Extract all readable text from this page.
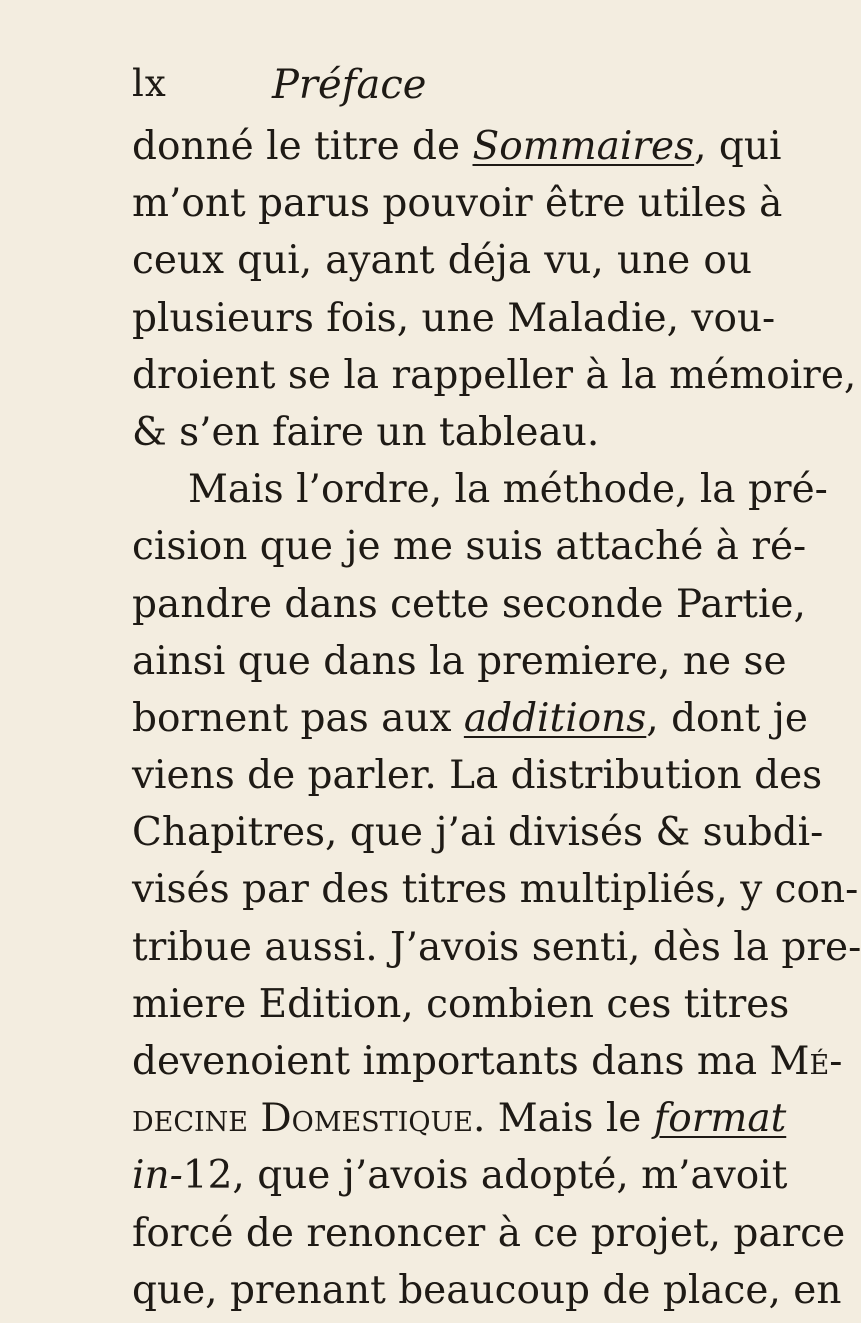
lx	Préface
donné le titre de Sommaires, qui
m’ont parus pouvoir être utiles à
ceux qui, ayant déja vu, une ou
plusieurs fois, une Maladie, vou-
droient se la rappeller à la mémoire,
& s’en faire un tableau.
Mais l’ordre, la méthode, la pré-
cision que je me suis attaché à ré-
pandre dans cette seconde Partie,
ainsi que dans la premiere, ne se
bornent pas aux additions, dont je
viens de parler. La distribution des
Chapitres, que j’ai divisés & subdi-
visés par des titres multipliés, y con-
tribue aussi. J’avois senti, dès la pre-
miere Edition, combien ces titres
devenoient importants dans ma Mé-
decine Domestique. Mais le format
in-12, que j’avois adopté, m’avoit
forcé de renoncer à ce projet, parce
que, prenant beaucoup de place, en
